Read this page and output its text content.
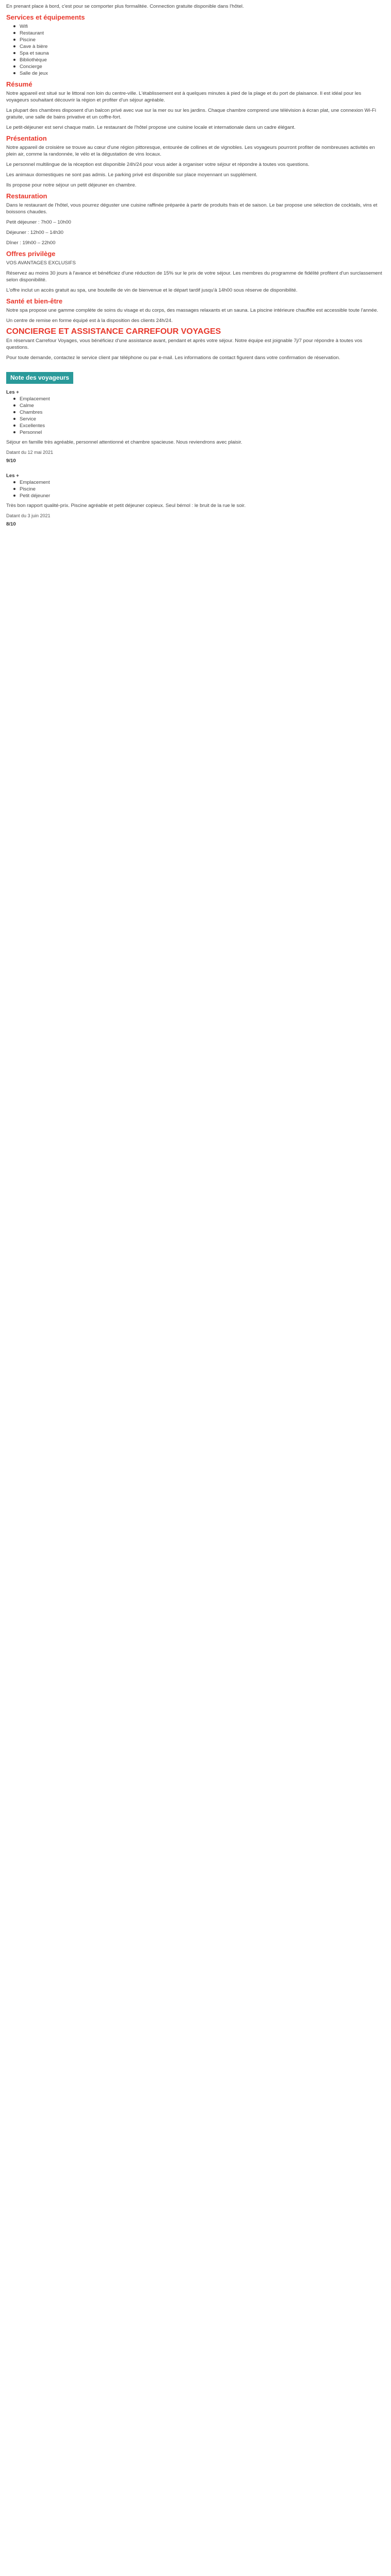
En prenant place à bord, c'est pour se comporter plus formalitée. Connection gratuite disponible dans l'hôtel.

Services et équipements
Wifi
Restaurant
Piscine
Cave à bière
Spa et sauna
Bibliothèque
Concierge
Salle de jeux
Résumé

Notre appareil est situé sur le littoral non loin du centre-ville. L'établissement est à quelques minutes à pied de la plage et du port de plaisance. Il est idéal pour les voyageurs souhaitant découvrir la région et profiter d'un séjour agréable.

La plupart des chambres disposent d'un balcon privé avec vue sur la mer ou sur les jardins. Chaque chambre comprend une télévision à écran plat, une connexion Wi-Fi gratuite, une salle de bains privative et un coffre-fort.

Le petit-déjeuner est servi chaque matin. Le restaurant de l'hôtel propose une cuisine locale et internationale dans un cadre élégant.

Présentation

Notre appareil de croisière se trouve au cœur d'une région pittoresque, entourée de collines et de vignobles. Les voyageurs pourront profiter de nombreuses activités en plein air, comme la randonnée, le vélo et la dégustation de vins locaux.

Le personnel multilingue de la réception est disponible 24h/24 pour vous aider à organiser votre séjour et répondre à toutes vos questions.

Les animaux domestiques ne sont pas admis. Le parking privé est disponible sur place moyennant un supplément.

Ils propose pour notre séjour un petit déjeuner en chambre.

Restauration

Dans le restaurant de l'hôtel, vous pourrez déguster une cuisine raffinée préparée à partir de produits frais et de saison. Le bar propose une sélection de cocktails, vins et boissons chaudes.

Petit déjeuner : 7h00 – 10h00

Déjeuner : 12h00 – 14h30

Dîner : 19h00 – 22h00

Offres privilège

VOS AVANTAGES EXCLUSIFS

Réservez au moins 30 jours à l'avance et bénéficiez d'une réduction de 15% sur le prix de votre séjour. Les membres du programme de fidélité profitent d'un surclassement selon disponibilité.

L'offre inclut un accès gratuit au spa, une bouteille de vin de bienvenue et le départ tardif jusqu'à 14h00 sous réserve de disponibilité.

Santé et bien-être

Notre spa propose une gamme complète de soins du visage et du corps, des massages relaxants et un sauna. La piscine intérieure chauffée est accessible toute l'année.

Un centre de remise en forme équipé est à la disposition des clients 24h/24.

CONCIERGE ET ASSISTANCE CARREFOUR VOYAGES

En réservant Carrefour Voyages, vous bénéficiez d'une assistance avant, pendant et après votre séjour. Notre équipe est joignable 7j/7 pour répondre à toutes vos questions.

Pour toute demande, contactez le service client par téléphone ou par e-mail. Les informations de contact figurent dans votre confirmation de réservation.

Note des voyageurs
Les +
Emplacement
Calme
Chambres
Service
Excellentes
Personnel

Séjour en famille très agréable, personnel attentionné et chambre spacieuse. Nous reviendrons avec plaisir.

Datant du 12 mai 2021
9/10
Les +
Emplacement
Piscine
Petit déjeuner

Très bon rapport qualité-prix. Piscine agréable et petit déjeuner copieux. Seul bémol : le bruit de la rue le soir.

Datant du 3 juin 2021
8/10
